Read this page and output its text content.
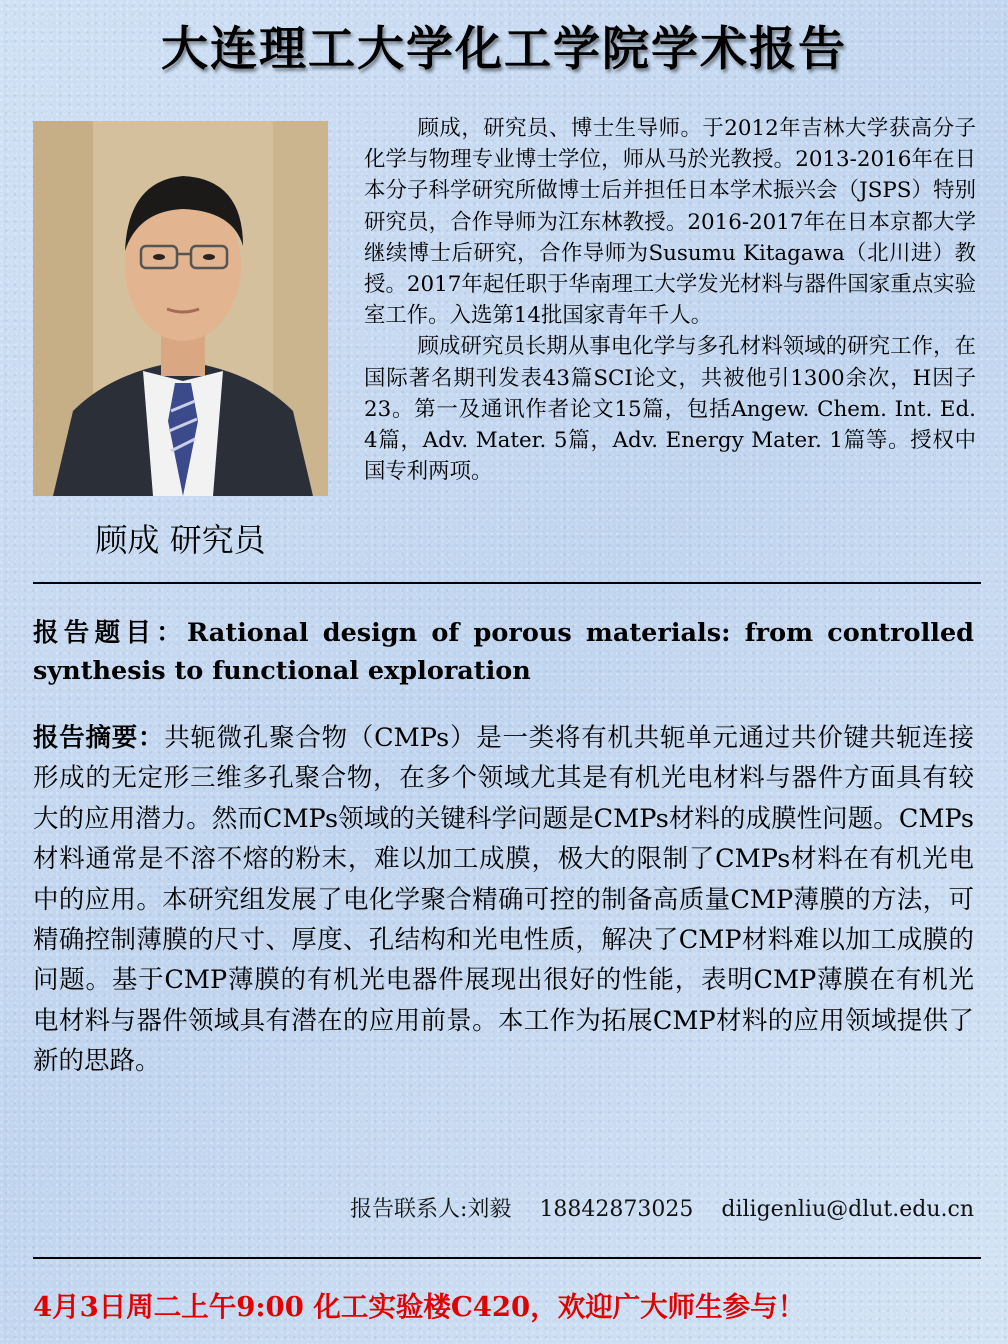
大连理工大学化工学院学术报告
顾成 研究员

顾成，研究员、博士生导师。于2012年吉林大学获高分子化学与物理专业博士学位，师从马於光教授。2013-2016年在日本分子科学研究所做博士后并担任日本学术振兴会（JSPS）特别研究员，合作导师为江东林教授。2016-2017年在日本京都大学继续博士后研究，合作导师为Susumu Kitagawa（北川进）教授。2017年起任职于华南理工大学发光材料与器件国家重点实验室工作。入选第14批国家青年千人。

顾成研究员长期从事电化学与多孔材料领域的研究工作，在国际著名期刊发表43篇SCI论文，共被他引1300余次，H因子23。第一及通讯作者论文15篇，包括Angew. Chem. Int. Ed. 4篇，Adv. Mater. 5篇，Adv. Energy Mater. 1篇等。授权中国专利两项。

报告题目：Rational design of porous materials: from controlled synthesis to functional exploration
报告摘要：共轭微孔聚合物（CMPs）是一类将有机共轭单元通过共价键共轭连接形成的无定形三维多孔聚合物，在多个领域尤其是有机光电材料与器件方面具有较大的应用潜力。然而CMPs领域的关键科学问题是CMPs材料的成膜性问题。CMPs材料通常是不溶不熔的粉末，难以加工成膜，极大的限制了CMPs材料在有机光电中的应用。本研究组发展了电化学聚合精确可控的制备高质量CMP薄膜的方法，可精确控制薄膜的尺寸、厚度、孔结构和光电性质，解决了CMP材料难以加工成膜的问题。基于CMP薄膜的有机光电器件展现出很好的性能，表明CMP薄膜在有机光电材料与器件领域具有潜在的应用前景。本工作为拓展CMP材料的应用领域提供了新的思路。
报告联系人:刘毅 18842873025 diligenliu@dlut.edu.cn
4月3日周二上午9:00 化工实验楼C420，欢迎广大师生参与！
